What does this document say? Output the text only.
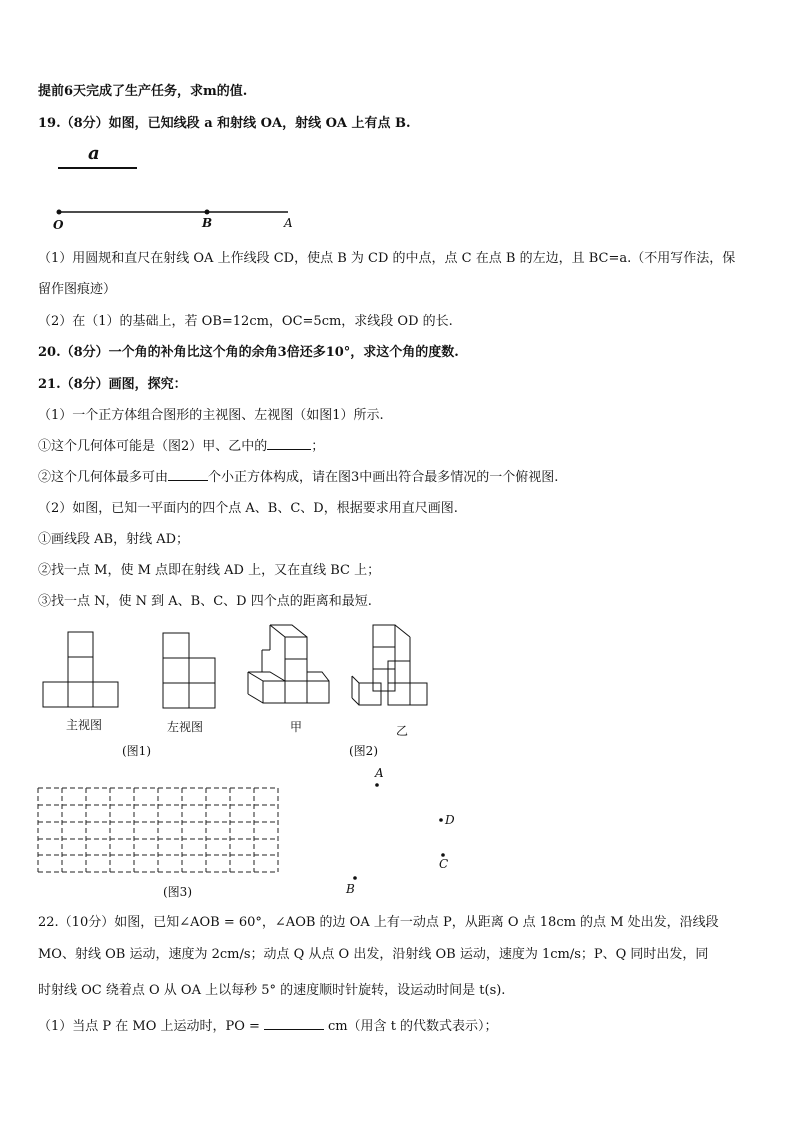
提前6天完成了生产任务，求m的值.
19.（8分）如图，已知线段 a 和射线 OA，射线 OA 上有点 B.
a
O	B	A
（1）用圆规和直尺在射线 OA 上作线段 CD，使点 B 为 CD 的中点，点 C 在点 B 的左边，且 BC=a.（不用写作法，保
留作图痕迹）
（2）在（1）的基础上，若 OB=12cm，OC=5cm，求线段 OD 的长.
20.（8分）一个角的补角比这个角的余角3倍还多10°，求这个角的度数.
21.（8分）画图，探究：
（1）一个正方体组合图形的主视图、左视图（如图1）所示.
①这个几何体可能是（图2）甲、乙中的	；
②这个几何体最多可由	个小正方体构成，请在图3中画出符合最多情况的一个俯视图.
（2）如图，已知一平面内的四个点 A、B、C、D，根据要求用直尺画图.
①画线段 AB，射线 AD；
②找一点 M，使 M 点即在射线 AD 上，又在直线 BC 上；
③找一点 N，使 N 到 A、B、C、D 四个点的距离和最短.
主视图	左视图	甲	乙
(图1)	(图2)
(图3)
A
D
C
B
22.（10分）如图，已知∠AOB = 60°，∠AOB 的边 OA 上有一动点 P，从距离 O 点 18cm 的点 M 处出发，沿线段
MO、射线 OB 运动，速度为 2cm/s；动点 Q 从点 O 出发，沿射线 OB 运动，速度为 1cm/s；P、Q 同时出发，同
时射线 OC 绕着点 O 从 OA 上以每秒 5° 的速度顺时针旋转，设运动时间是 t(s).
（1）当点 P 在 MO 上运动时，PO =	cm（用含 t 的代数式表示）；
